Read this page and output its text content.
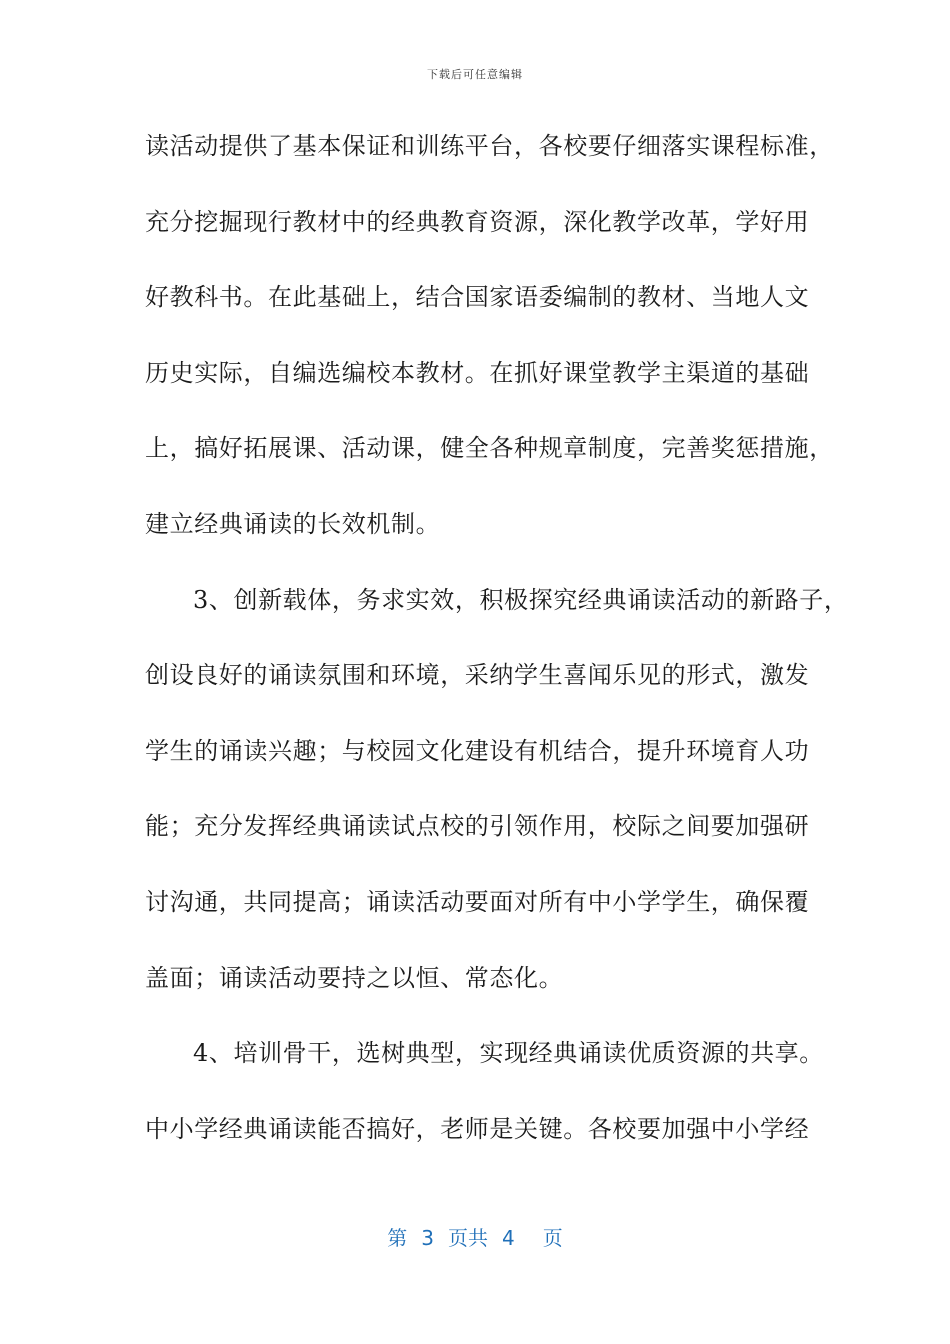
下载后可任意编辑
读活动提供了基本保证和训练平台，各校要仔细落实课程标准，
充分挖掘现行教材中的经典教育资源，深化教学改革，学好用
好教科书。在此基础上，结合国家语委编制的教材、当地人文
历史实际，自编选编校本教材。在抓好课堂教学主渠道的基础
上，搞好拓展课、活动课，健全各种规章制度，完善奖惩措施，
建立经典诵读的长效机制。
3、创新载体，务求实效，积极探究经典诵读活动的新路子，
创设良好的诵读氛围和环境，采纳学生喜闻乐见的形式，激发
学生的诵读兴趣；与校园文化建设有机结合，提升环境育人功
能；充分发挥经典诵读试点校的引领作用，校际之间要加强研
讨沟通，共同提高；诵读活动要面对所有中小学学生，确保覆
盖面；诵读活动要持之以恒、常态化。
4、培训骨干，选树典型，实现经典诵读优质资源的共享。
中小学经典诵读能否搞好，老师是关键。各校要加强中小学经
第 3 页共 4 页
